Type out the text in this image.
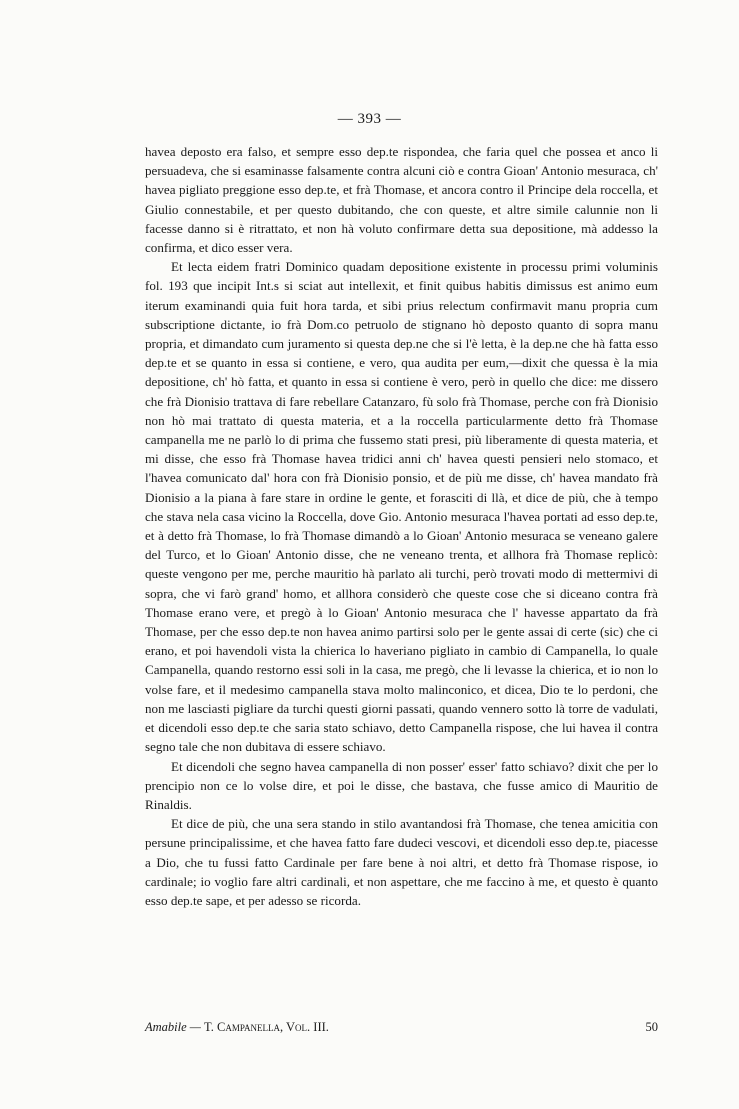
— 393 —

havea deposto era falso, et sempre esso dep.te rispondea, che faria quel che possea et anco li persuadeva, che si esaminasse falsamente contra alcuni ciò e contra Gioan' Antonio mesuraca, ch' havea pigliato preggione esso dep.te, et frà Thomase, et ancora contro il Principe dela roccella, et Giulio connestabile, et per questo dubitando, che con queste, et altre simile calunnie non li facesse danno si è ritrattato, et non hà voluto confirmare detta sua depositione, mà addesso la confirma, et dico esser vera.

Et lecta eidem fratri Dominico quadam depositione existente in processu primi voluminis fol. 193 que incipit Int.s si sciat aut intellexit, et finit quibus habitis dimissus est animo eum iterum examinandi quia fuit hora tarda, et sibi prius relectum confirmavit manu propria cum subscriptione dictante, io frà Dom.co petruolo de stignano hò deposto quanto di sopra manu propria, et dimandato cum juramento si questa dep.ne che si l'è letta, è la dep.ne che hà fatta esso dep.te et se quanto in essa si contiene, e vero, qua audita per eum,—dixit che quessa è la mia depositione, ch' hò fatta, et quanto in essa si contiene è vero, però in quello che dice: me dissero che frà Dionisio trattava di fare rebellare Catanzaro, fù solo frà Thomase, perche con frà Dionisio non hò mai trattato di questa materia, et a la roccella particularmente detto frà Thomase campanella me ne parlò lo di prima che fussemo stati presi, più liberamente di questa materia, et mi disse, che esso frà Thomase havea tridici anni ch' havea questi pensieri nelo stomaco, et l'havea comunicato dal' hora con frà Dionisio ponsio, et de più me disse, ch' havea mandato frà Dionisio a la piana à fare stare in ordine le gente, et forasciti di llà, et dice de più, che à tempo che stava nela casa vicino la Roccella, dove Gio. Antonio mesuraca l'havea portati ad esso dep.te, et à detto frà Thomase, lo frà Thomase dimandò a lo Gioan' Antonio mesuraca se veneano galere del Turco, et lo Gioan' Antonio disse, che ne veneano trenta, et allhora frà Thomase replicò: queste vengono per me, perche mauritio hà parlato ali turchi, però trovati modo di mettermivi di sopra, che vi farò grand' homo, et allhora considerò che queste cose che si diceano contra frà Thomase erano vere, et pregò à lo Gioan' Antonio mesuraca che l' havesse appartato da frà Thomase, per che esso dep.te non havea animo partirsi solo per le gente assai di certe (sic) che ci erano, et poi havendoli vista la chierica lo haveriano pigliato in cambio di Campanella, lo quale Campanella, quando restorno essi soli in la casa, me pregò, che li levasse la chierica, et io non lo volse fare, et il medesimo campanella stava molto malinconico, et dicea, Dio te lo perdoni, che non me lasciasti pigliare da turchi questi giorni passati, quando vennero sotto là torre de vadulati, et dicendoli esso dep.te che saria stato schiavo, detto Campanella rispose, che lui havea il contra segno tale che non dubitava di essere schiavo.

Et dicendoli che segno havea campanella di non posser' esser' fatto schiavo? dixit che per lo prencipio non ce lo volse dire, et poi le disse, che bastava, che fusse amico di Mauritio de Rinaldis.

Et dice de più, che una sera stando in stilo avantandosi frà Thomase, che tenea amicitia con persune principalissime, et che havea fatto fare dudeci vescovi, et dicendoli esso dep.te, piacesse a Dio, che tu fussi fatto Cardinale per fare bene à noi altri, et detto frà Thomase rispose, io cardinale; io voglio fare altri cardinali, et non aspettare, che me faccino à me, et questo è quanto esso dep.te sape, et per adesso se ricorda.

Amabile — T. Campanella, Vol. III.	50
